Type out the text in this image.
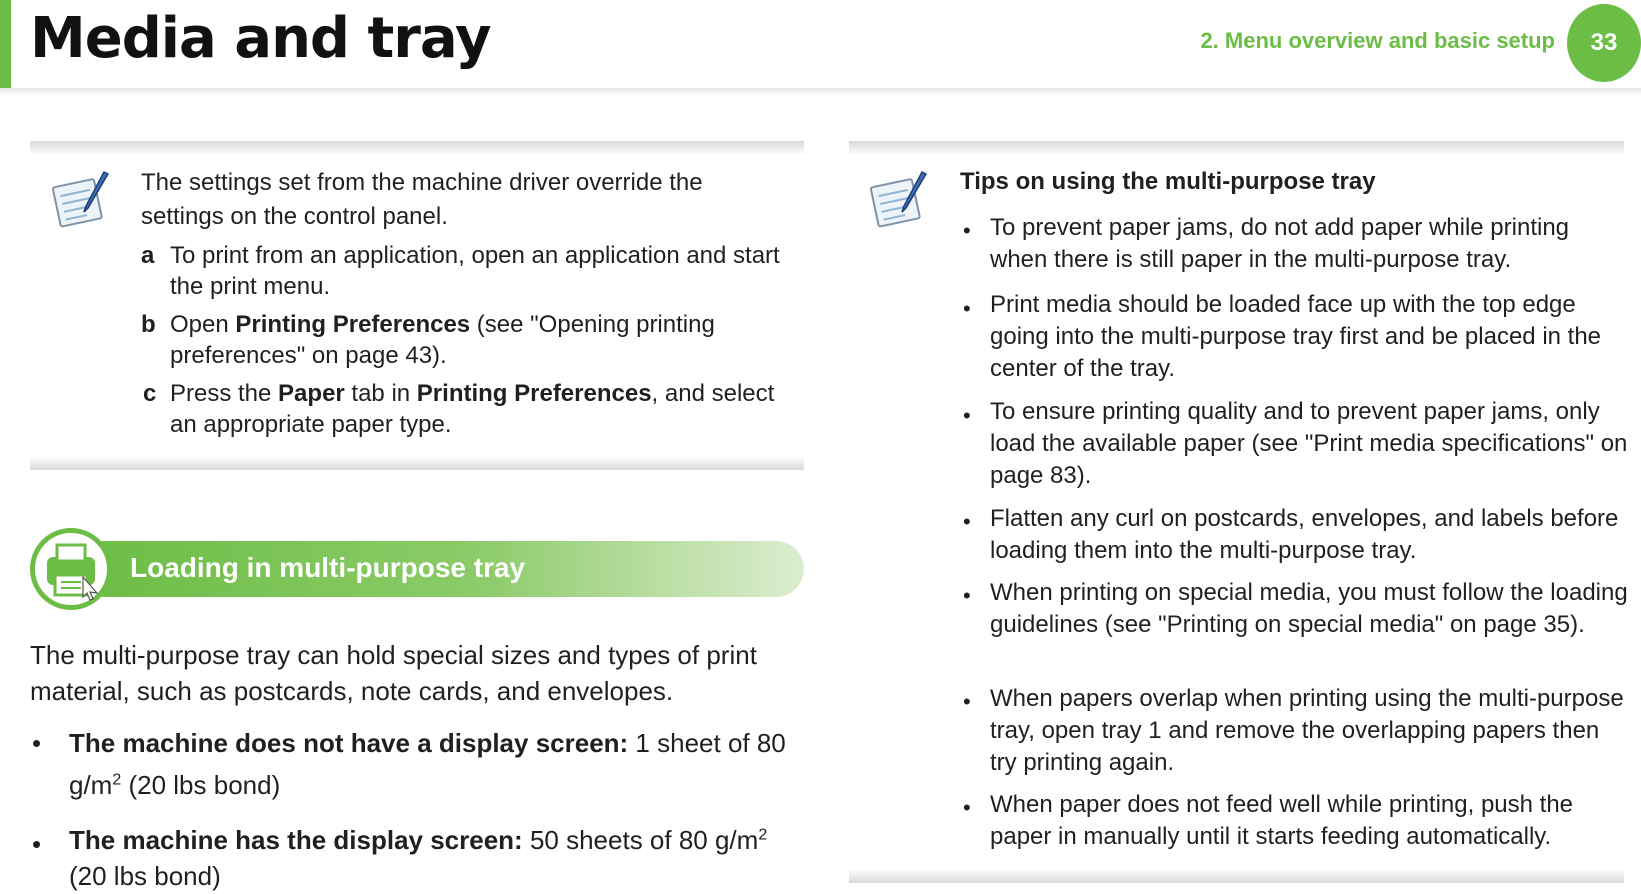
Media and tray	2. Menu overview and basic setup 33
The settings set from the machine driver override the settings on the control panel.
a To print from an application, open an application and start the print menu.
b Open Printing Preferences (see "Opening printing preferences" on page 43).
c Press the Paper tab in Printing Preferences, and select an appropriate paper type.
Loading in multi-purpose tray
The multi-purpose tray can hold special sizes and types of print material, such as postcards, note cards, and envelopes.
• The machine does not have a display screen: 1 sheet of 80 $g/m^2$ (20 lbs bond)
• The machine has the display screen: 50 sheets of 80 $g/m^2$ (20 lbs bond)
Tips on using the multi-purpose tray
• To prevent paper jams, do not add paper while printing when there is still paper in the multi-purpose tray.
• Print media should be loaded face up with the top edge going into the multi-purpose tray first and be placed in the center of the tray.
• To ensure printing quality and to prevent paper jams, only load the available paper (see "Print media specifications" on page 83).
• Flatten any curl on postcards, envelopes, and labels before loading them into the multi-purpose tray.
• When printing on special media, you must follow the loading guidelines (see "Printing on special media" on page 35).
• When papers overlap when printing using the multi-purpose tray, open tray 1 and remove the overlapping papers then try printing again.
• When paper does not feed well while printing, push the paper in manually until it starts feeding automatically.
